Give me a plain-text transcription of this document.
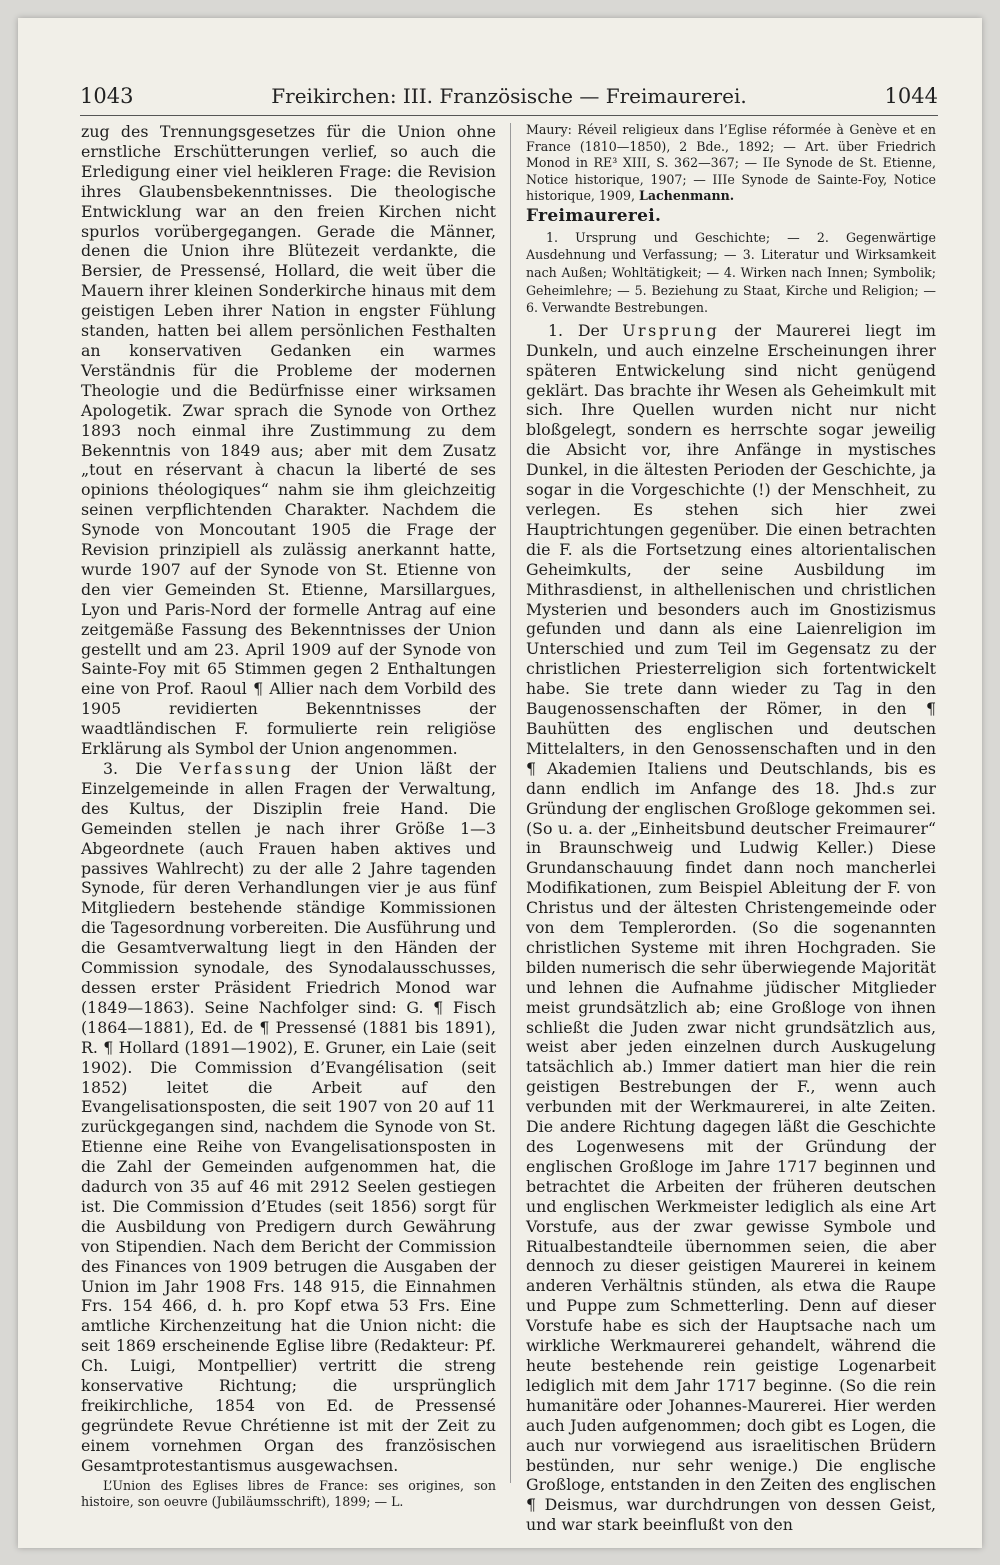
1043	Freikirchen: III. Französische — Freimaurerei.	1044

zug des Trennungsgesetzes für die Union ohne ernstliche Erschütterungen verlief, so auch die Erledigung einer viel heikleren Frage: die Revision ihres Glaubensbekenntnisses. Die theologische Entwicklung war an den freien Kirchen nicht spurlos vorübergegangen. Gerade die Männer, denen die Union ihre Blütezeit verdankte, die Bersier, de Pressensé, Hollard, die weit über die Mauern ihrer kleinen Sonderkirche hinaus mit dem geistigen Leben ihrer Nation in engster Fühlung standen, hatten bei allem persönlichen Festhalten an konservativen Gedanken ein warmes Verständnis für die Probleme der modernen Theologie und die Bedürfnisse einer wirksamen Apologetik. Zwar sprach die Synode von Orthez 1893 noch einmal ihre Zustimmung zu dem Bekenntnis von 1849 aus; aber mit dem Zusatz „tout en réservant à chacun la liberté de ses opinions théologiques“ nahm sie ihm gleichzeitig seinen verpflichtenden Charakter. Nachdem die Synode von Moncoutant 1905 die Frage der Revision prinzipiell als zulässig anerkannt hatte, wurde 1907 auf der Synode von St. Etienne von den vier Gemeinden St. Etienne, Marsillargues, Lyon und Paris-Nord der formelle Antrag auf eine zeitgemäße Fassung des Bekenntnisses der Union gestellt und am 23. April 1909 auf der Synode von Sainte-Foy mit 65 Stimmen gegen 2 Enthaltungen eine von Prof. Raoul ¶ Allier nach dem Vorbild des 1905 revidierten Bekenntnisses der waadtländischen F. formulierte rein religiöse Erklärung als Symbol der Union angenommen.

3. Die Verfassung der Union läßt der Einzelgemeinde in allen Fragen der Verwaltung, des Kultus, der Disziplin freie Hand. Die Gemeinden stellen je nach ihrer Größe 1—3 Abgeordnete (auch Frauen haben aktives und passives Wahlrecht) zu der alle 2 Jahre tagenden Synode, für deren Verhandlungen vier je aus fünf Mitgliedern bestehende ständige Kommissionen die Tagesordnung vorbereiten. Die Ausführung und die Gesamtverwaltung liegt in den Händen der Commission synodale, des Synodalausschusses, dessen erster Präsident Friedrich Monod war (1849—1863). Seine Nachfolger sind: G. ¶ Fisch (1864—1881), Ed. de ¶ Pressensé (1881 bis 1891), R. ¶ Hollard (1891—1902), E. Gruner, ein Laie (seit 1902). Die Commission d’Evangélisation (seit 1852) leitet die Arbeit auf den Evangelisationsposten, die seit 1907 von 20 auf 11 zurückgegangen sind, nachdem die Synode von St. Etienne eine Reihe von Evangelisationsposten in die Zahl der Gemeinden aufgenommen hat, die dadurch von 35 auf 46 mit 2912 Seelen gestiegen ist. Die Commission d’Etudes (seit 1856) sorgt für die Ausbildung von Predigern durch Gewährung von Stipendien. Nach dem Bericht der Commission des Finances von 1909 betrugen die Ausgaben der Union im Jahr 1908 Frs. 148 915, die Einnahmen Frs. 154 466, d. h. pro Kopf etwa 53 Frs. Eine amtliche Kirchenzeitung hat die Union nicht: die seit 1869 erscheinende Eglise libre (Redakteur: Pf. Ch. Luigi, Montpellier) vertritt die streng konservative Richtung; die ursprünglich freikirchliche, 1854 von Ed. de Pressensé gegründete Revue Chrétienne ist mit der Zeit zu einem vornehmen Organ des französischen Gesamtprotestantismus ausgewachsen.

L’Union des Eglises libres de France: ses origines, son histoire, son oeuvre (Jubiläumsschrift), 1899; — L.

Maury: Réveil religieux dans l’Eglise réformée à Genève et en France (1810—1850), 2 Bde., 1892; — Art. über Friedrich Monod in RE³ XIII, S. 362—367; — IIe Synode de St. Etienne, Notice historique, 1907; — IIIe Synode de Sainte-Foy, Notice historique, 1909, Lachenmann.

Freimaurerei.

1. Ursprung und Geschichte; — 2. Gegenwärtige Ausdehnung und Verfassung; — 3. Literatur und Wirksamkeit nach Außen; Wohltätigkeit; — 4. Wirken nach Innen; Symbolik; Geheimlehre; — 5. Beziehung zu Staat, Kirche und Religion; — 6. Verwandte Bestrebungen.

1. Der Ursprung der Maurerei liegt im Dunkeln, und auch einzelne Erscheinungen ihrer späteren Entwickelung sind nicht genügend geklärt. Das brachte ihr Wesen als Geheimkult mit sich. Ihre Quellen wurden nicht nur nicht bloßgelegt, sondern es herrschte sogar jeweilig die Absicht vor, ihre Anfänge in mystisches Dunkel, in die ältesten Perioden der Geschichte, ja sogar in die Vorgeschichte (!) der Menschheit, zu verlegen. Es stehen sich hier zwei Hauptrichtungen gegenüber. Die einen betrachten die F. als die Fortsetzung eines altorientalischen Geheimkults, der seine Ausbildung im Mithrasdienst, in althellenischen und christlichen Mysterien und besonders auch im Gnostizismus gefunden und dann als eine Laienreligion im Unterschied und zum Teil im Gegensatz zu der christlichen Priesterreligion sich fortentwickelt habe. Sie trete dann wieder zu Tag in den Baugenossenschaften der Römer, in den ¶ Bauhütten des englischen und deutschen Mittelalters, in den Genossenschaften und in den ¶ Akademien Italiens und Deutschlands, bis es dann endlich im Anfange des 18. Jhd.s zur Gründung der englischen Großloge gekommen sei. (So u. a. der „Einheitsbund deutscher Freimaurer“ in Braunschweig und Ludwig Keller.) Diese Grundanschauung findet dann noch mancherlei Modifikationen, zum Beispiel Ableitung der F. von Christus und der ältesten Christengemeinde oder von dem Templerorden. (So die sogenannten christlichen Systeme mit ihren Hochgraden. Sie bilden numerisch die sehr überwiegende Majorität und lehnen die Aufnahme jüdischer Mitglieder meist grundsätzlich ab; eine Großloge von ihnen schließt die Juden zwar nicht grundsätzlich aus, weist aber jeden einzelnen durch Auskugelung tatsächlich ab.) Immer datiert man hier die rein geistigen Bestrebungen der F., wenn auch verbunden mit der Werkmaurerei, in alte Zeiten. Die andere Richtung dagegen läßt die Geschichte des Logenwesens mit der Gründung der englischen Großloge im Jahre 1717 beginnen und betrachtet die Arbeiten der früheren deutschen und englischen Werkmeister lediglich als eine Art Vorstufe, aus der zwar gewisse Symbole und Ritualbestandteile übernommen seien, die aber dennoch zu dieser geistigen Maurerei in keinem anderen Verhältnis stünden, als etwa die Raupe und Puppe zum Schmetterling. Denn auf dieser Vorstufe habe es sich der Hauptsache nach um wirkliche Werkmaurerei gehandelt, während die heute bestehende rein geistige Logenarbeit lediglich mit dem Jahr 1717 beginne. (So die rein humanitäre oder Johannes-Maurerei. Hier werden auch Juden aufgenommen; doch gibt es Logen, die auch nur vorwiegend aus israelitischen Brüdern bestünden, nur sehr wenige.) Die englische Großloge, entstanden in den Zeiten des englischen ¶ Deismus, war durchdrungen von dessen Geist, und war stark beeinflußt von den
